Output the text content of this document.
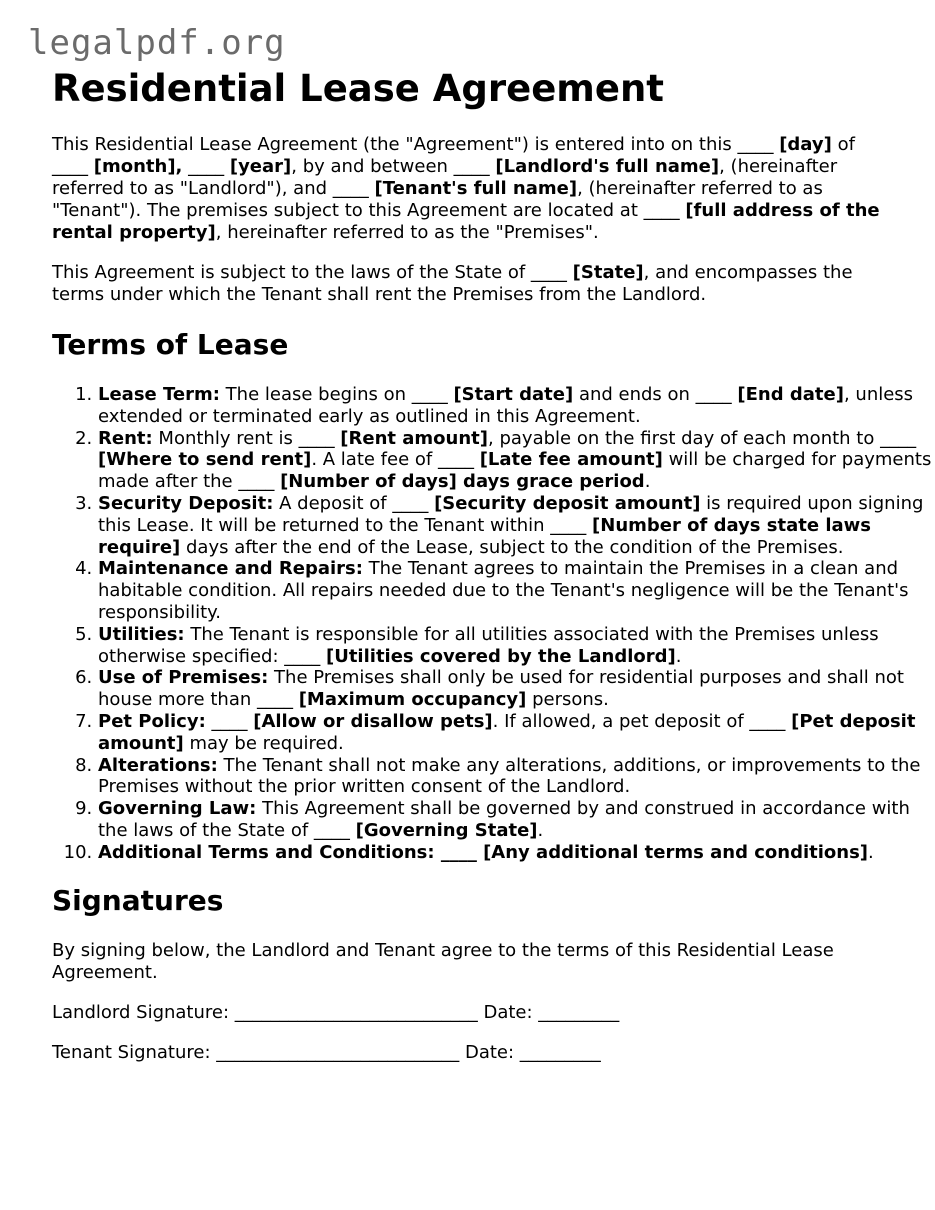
legalpdf.org
Residential Lease Agreement

This Residential Lease Agreement (the "Agreement") is entered into on this ____ [day] of ____ [month], ____ [year], by and between ____ [Landlord's full name], (hereinafter referred to as "Landlord"), and ____ [Tenant's full name], (hereinafter referred to as "Tenant"). The premises subject to this Agreement are located at ____ [full address of the rental property], hereinafter referred to as the "Premises".

This Agreement is subject to the laws of the State of ____ [State], and encompasses the terms under which the Tenant shall rent the Premises from the Landlord.

Terms of Lease
1. Lease Term: The lease begins on ____ [Start date] and ends on ____ [End date], unless extended or terminated early as outlined in this Agreement.
2. Rent: Monthly rent is ____ [Rent amount], payable on the first day of each month to ____ [Where to send rent]. A late fee of ____ [Late fee amount] will be charged for payments made after the ____ [Number of days] days grace period.
3. Security Deposit: A deposit of ____ [Security deposit amount] is required upon signing this Lease. It will be returned to the Tenant within ____ [Number of days state laws require] days after the end of the Lease, subject to the condition of the Premises.
4. Maintenance and Repairs: The Tenant agrees to maintain the Premises in a clean and habitable condition. All repairs needed due to the Tenant's negligence will be the Tenant's responsibility.
5. Utilities: The Tenant is responsible for all utilities associated with the Premises unless otherwise specified: ____ [Utilities covered by the Landlord].
6. Use of Premises: The Premises shall only be used for residential purposes and shall not house more than ____ [Maximum occupancy] persons.
7. Pet Policy: ____ [Allow or disallow pets]. If allowed, a pet deposit of ____ [Pet deposit amount] may be required.
8. Alterations: The Tenant shall not make any alterations, additions, or improvements to the Premises without the prior written consent of the Landlord.
9. Governing Law: This Agreement shall be governed by and construed in accordance with the laws of the State of ____ [Governing State].
10. Additional Terms and Conditions: ____ [Any additional terms and conditions].
Signatures

By signing below, the Landlord and Tenant agree to the terms of this Residential Lease Agreement.

Landlord Signature: ___________________________ Date: _________

Tenant Signature: ___________________________ Date: _________
